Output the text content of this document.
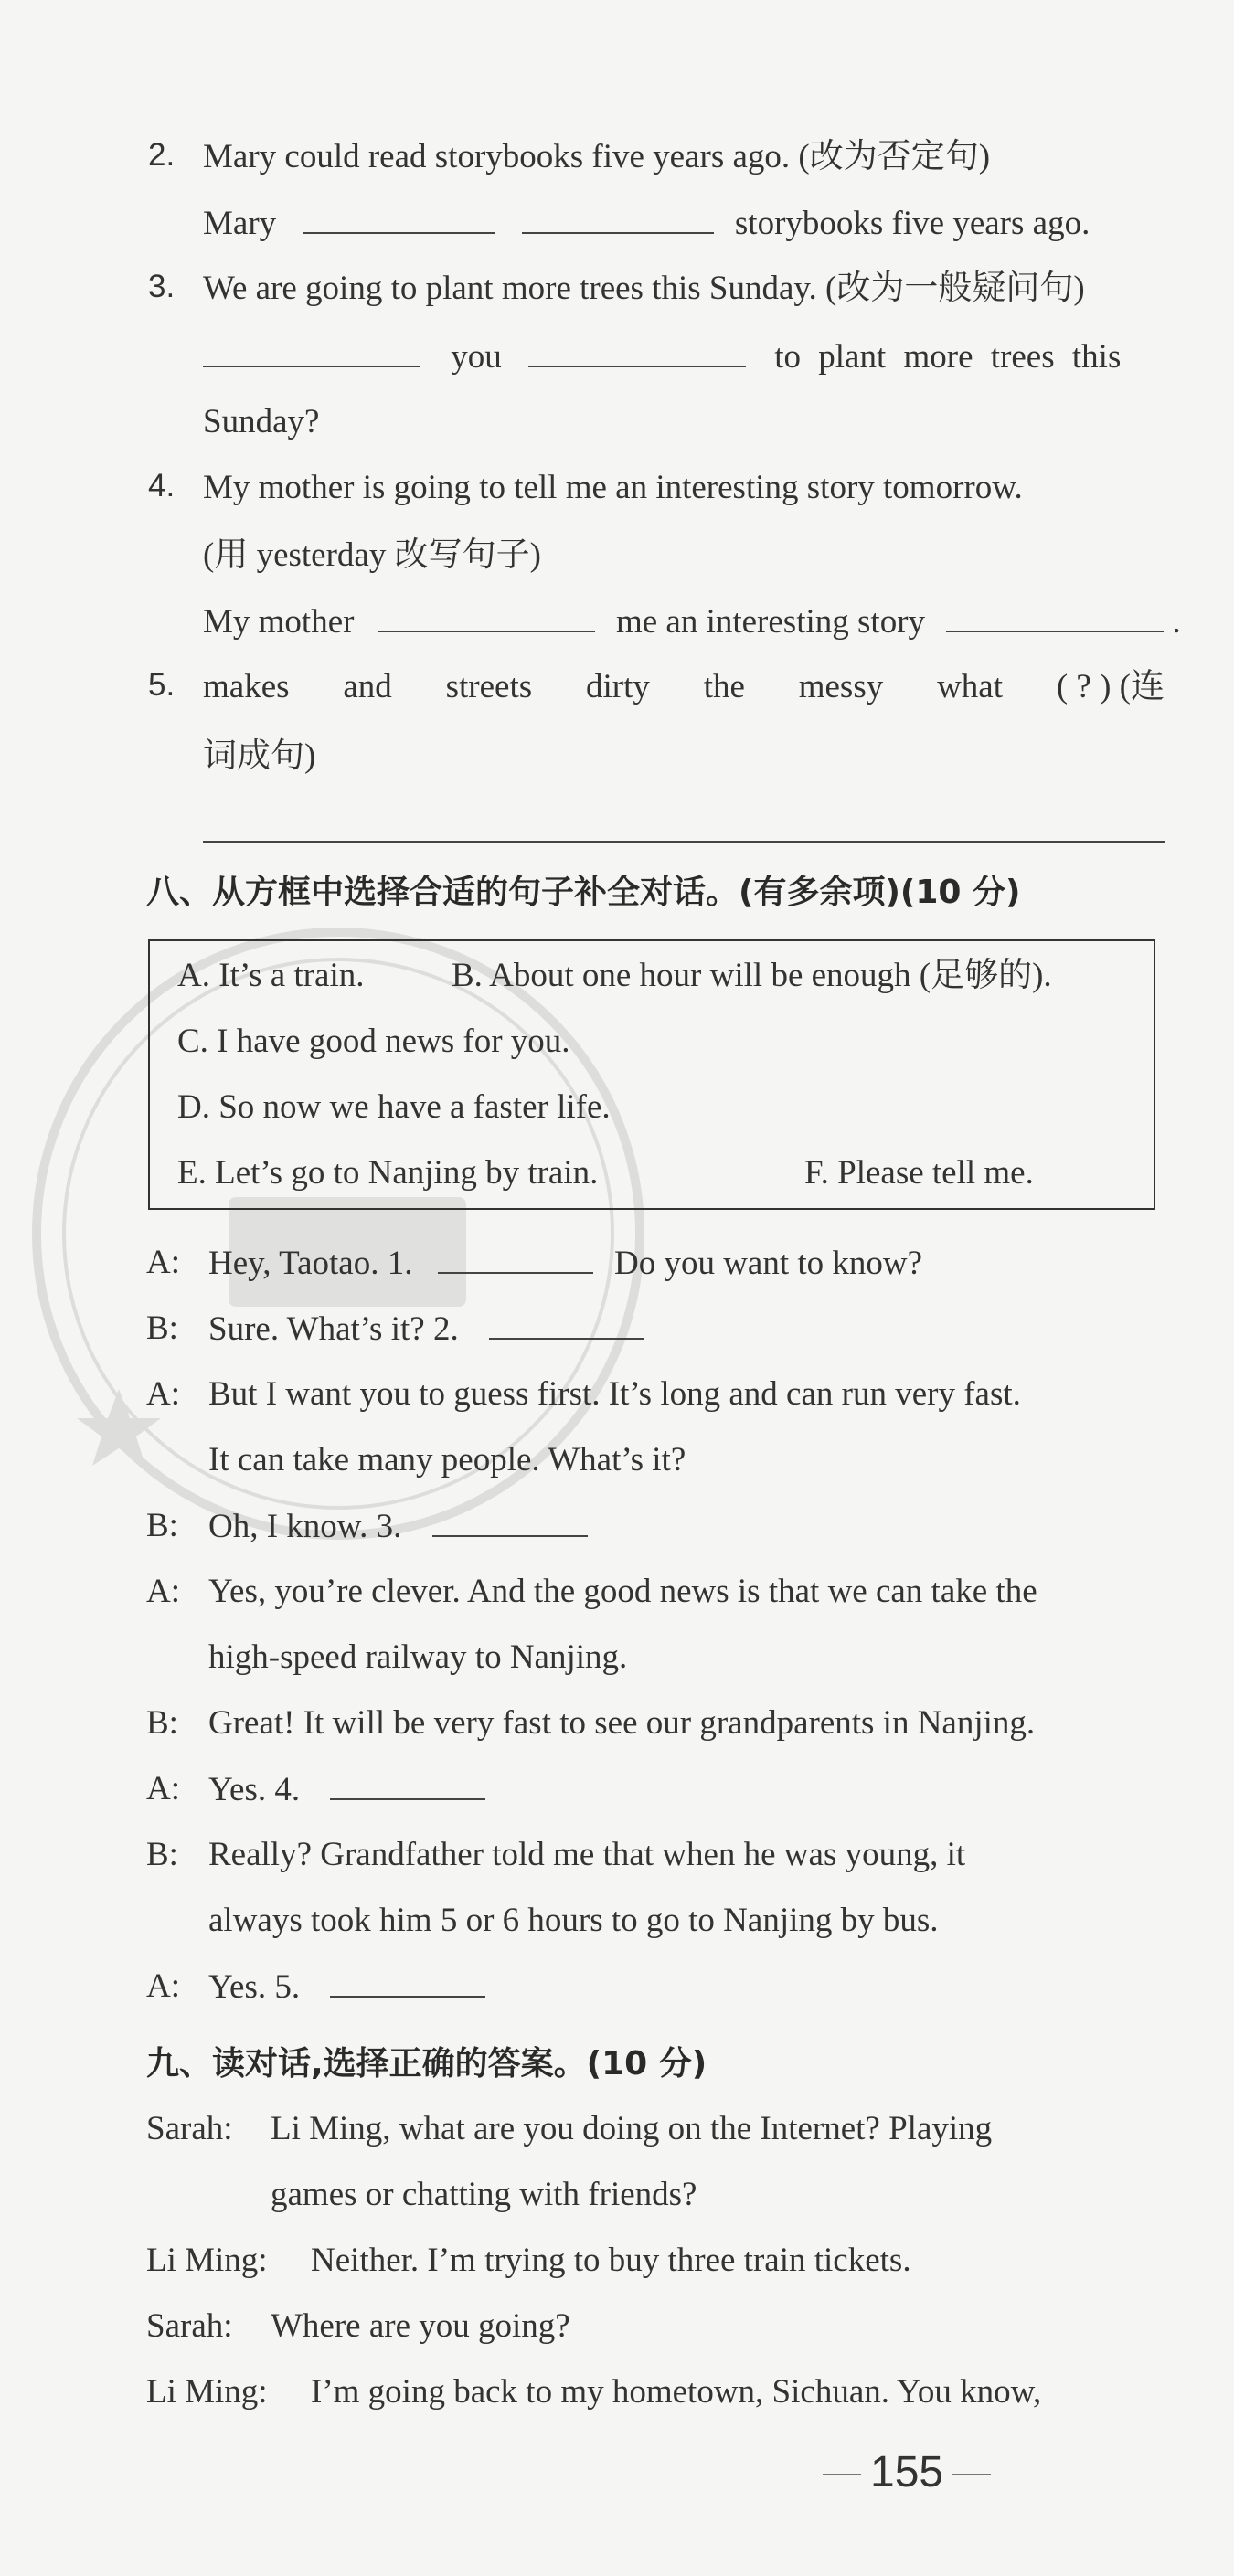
2. Mary could read storybooks five years ago. (改为否定句)
Mary	storybooks five years ago.
3. We are going to plant more trees this Sunday. (改为一般疑问句)
you	to plant more trees this
Sunday?
4. My mother is going to tell me an interesting story tomorrow.
(用 yesterday 改写句子)
My mother	me an interesting story	.
5. makes and streets dirty the messy what ( ? ) (连
词成句)
八、从方框中选择合适的句子补全对话。(有多余项)(10 分)
A. It’s a train.	B. About one hour will be enough (足够的).
C. I have good news for you.
D. So now we have a faster life.
E. Let’s go to Nanjing by train.	F. Please tell me.
A: Hey, Taotao. 1.	Do you want to know?
B: Sure. What’s it? 2.
A: But I want you to guess first. It’s long and can run very fast.
It can take many people. What’s it?
B: Oh, I know. 3.
A: Yes, you’re clever. And the good news is that we can take the
high-speed railway to Nanjing.
B: Great! It will be very fast to see our grandparents in Nanjing.
A: Yes. 4.
B: Really? Grandfather told me that when he was young, it
always took him 5 or 6 hours to go to Nanjing by bus.
A: Yes. 5.
九、读对话,选择正确的答案。(10 分)
Sarah: Li Ming, what are you doing on the Internet? Playing
games or chatting with friends?
Li Ming: Neither. I’m trying to buy three train tickets.
Sarah: Where are you going?
Li Ming: I’m going back to my hometown, Sichuan. You know,
155
